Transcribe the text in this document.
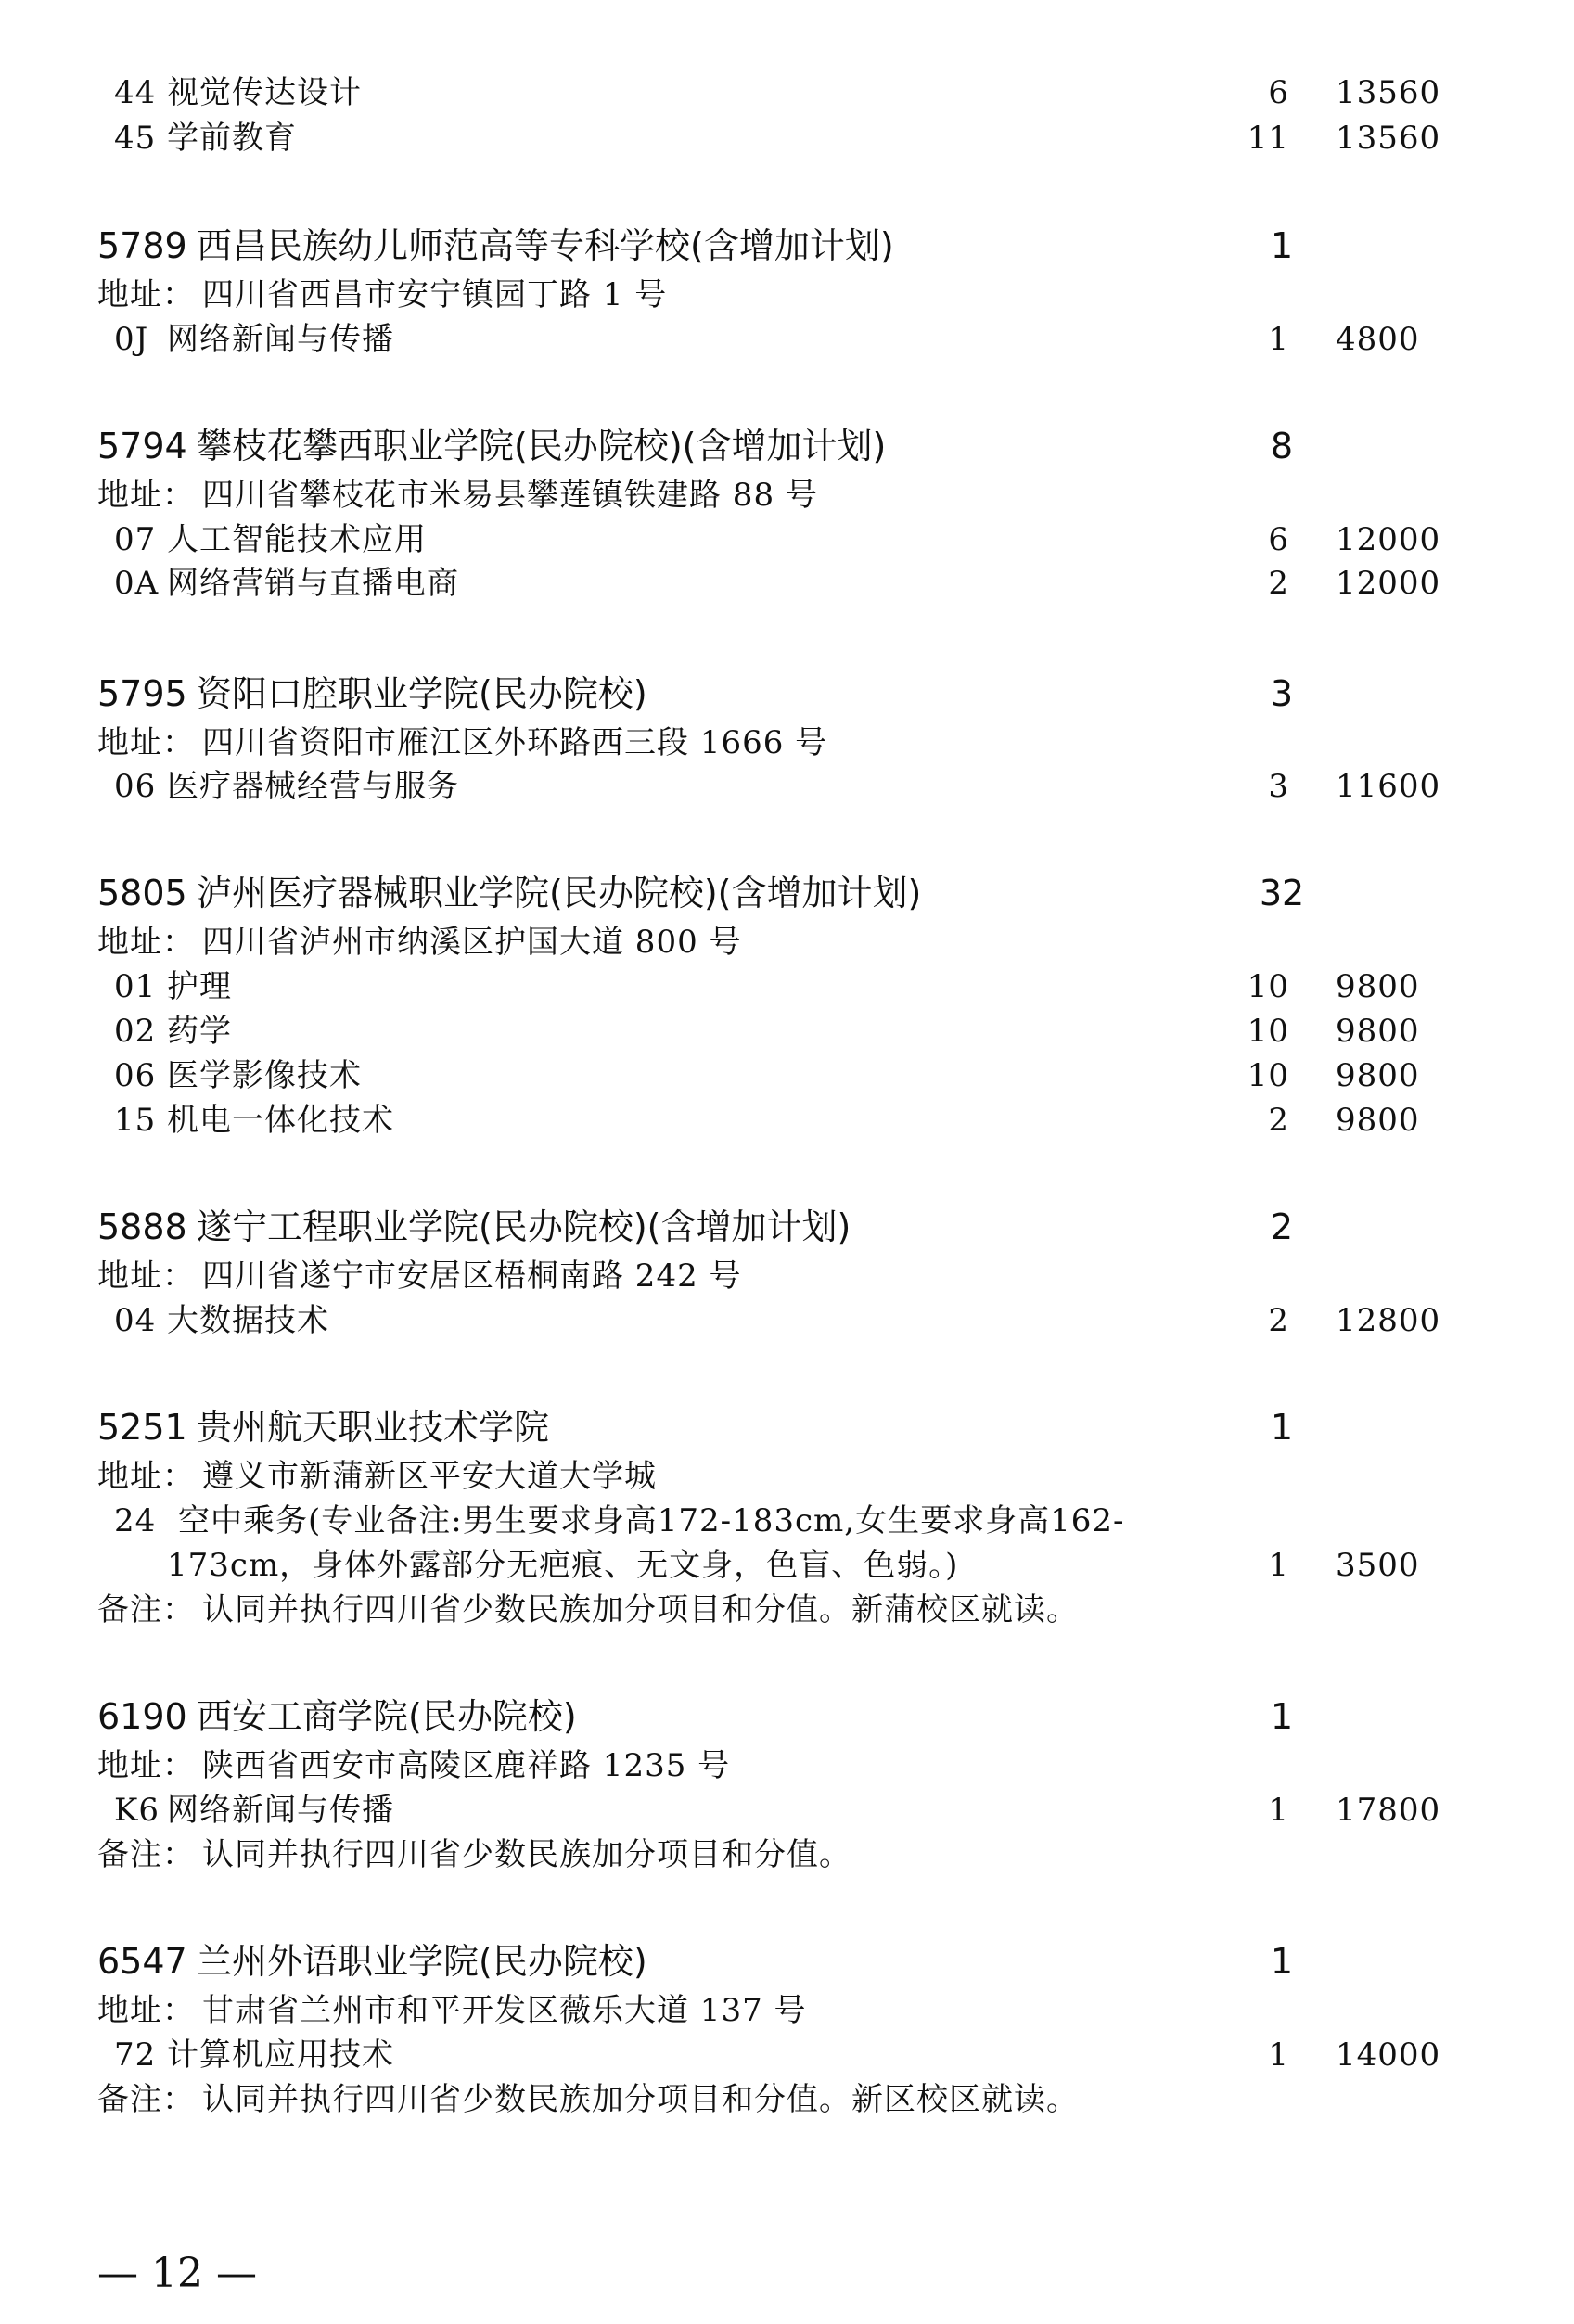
44 视觉传达设计	6 13560
45 学前教育	11 13560
5789 西昌民族幼儿师范高等专科学校(含增加计划)	1
地址： 四川省西昌市安宁镇园丁路 1 号
0J 网络新闻与传播	1 4800
5794 攀枝花攀西职业学院(民办院校)(含增加计划)	8
地址： 四川省攀枝花市米易县攀莲镇铁建路 88 号
07 人工智能技术应用	6 12000
0A 网络营销与直播电商	2 12000
5795 资阳口腔职业学院(民办院校)	3
地址： 四川省资阳市雁江区外环路西三段 1666 号
06 医疗器械经营与服务	3 11600
5805 泸州医疗器械职业学院(民办院校)(含增加计划)	32
地址： 四川省泸州市纳溪区护国大道 800 号
01 护理	10 9800
02 药学	10 9800
06 医学影像技术	10 9800
15 机电一体化技术	2 9800
5888 遂宁工程职业学院(民办院校)(含增加计划)	2
地址： 四川省遂宁市安居区梧桐南路 242 号
04 大数据技术	2 12800
5251 贵州航天职业技术学院	1
地址： 遵义市新蒲新区平安大道大学城
24 空中乘务(专业备注:男生要求身高172-183cm,女生要求身高162-
173cm，身体外露部分无疤痕、无文身，色盲、色弱。)	1 3500
备注： 认同并执行四川省少数民族加分项目和分值。新蒲校区就读。
6190 西安工商学院(民办院校)	1
地址： 陕西省西安市高陵区鹿祥路 1235 号
K6 网络新闻与传播	1 17800
备注： 认同并执行四川省少数民族加分项目和分值。
6547 兰州外语职业学院(民办院校)	1
地址： 甘肃省兰州市和平开发区薇乐大道 137 号
72 计算机应用技术	1 14000
备注： 认同并执行四川省少数民族加分项目和分值。新区校区就读。
— 12 —
